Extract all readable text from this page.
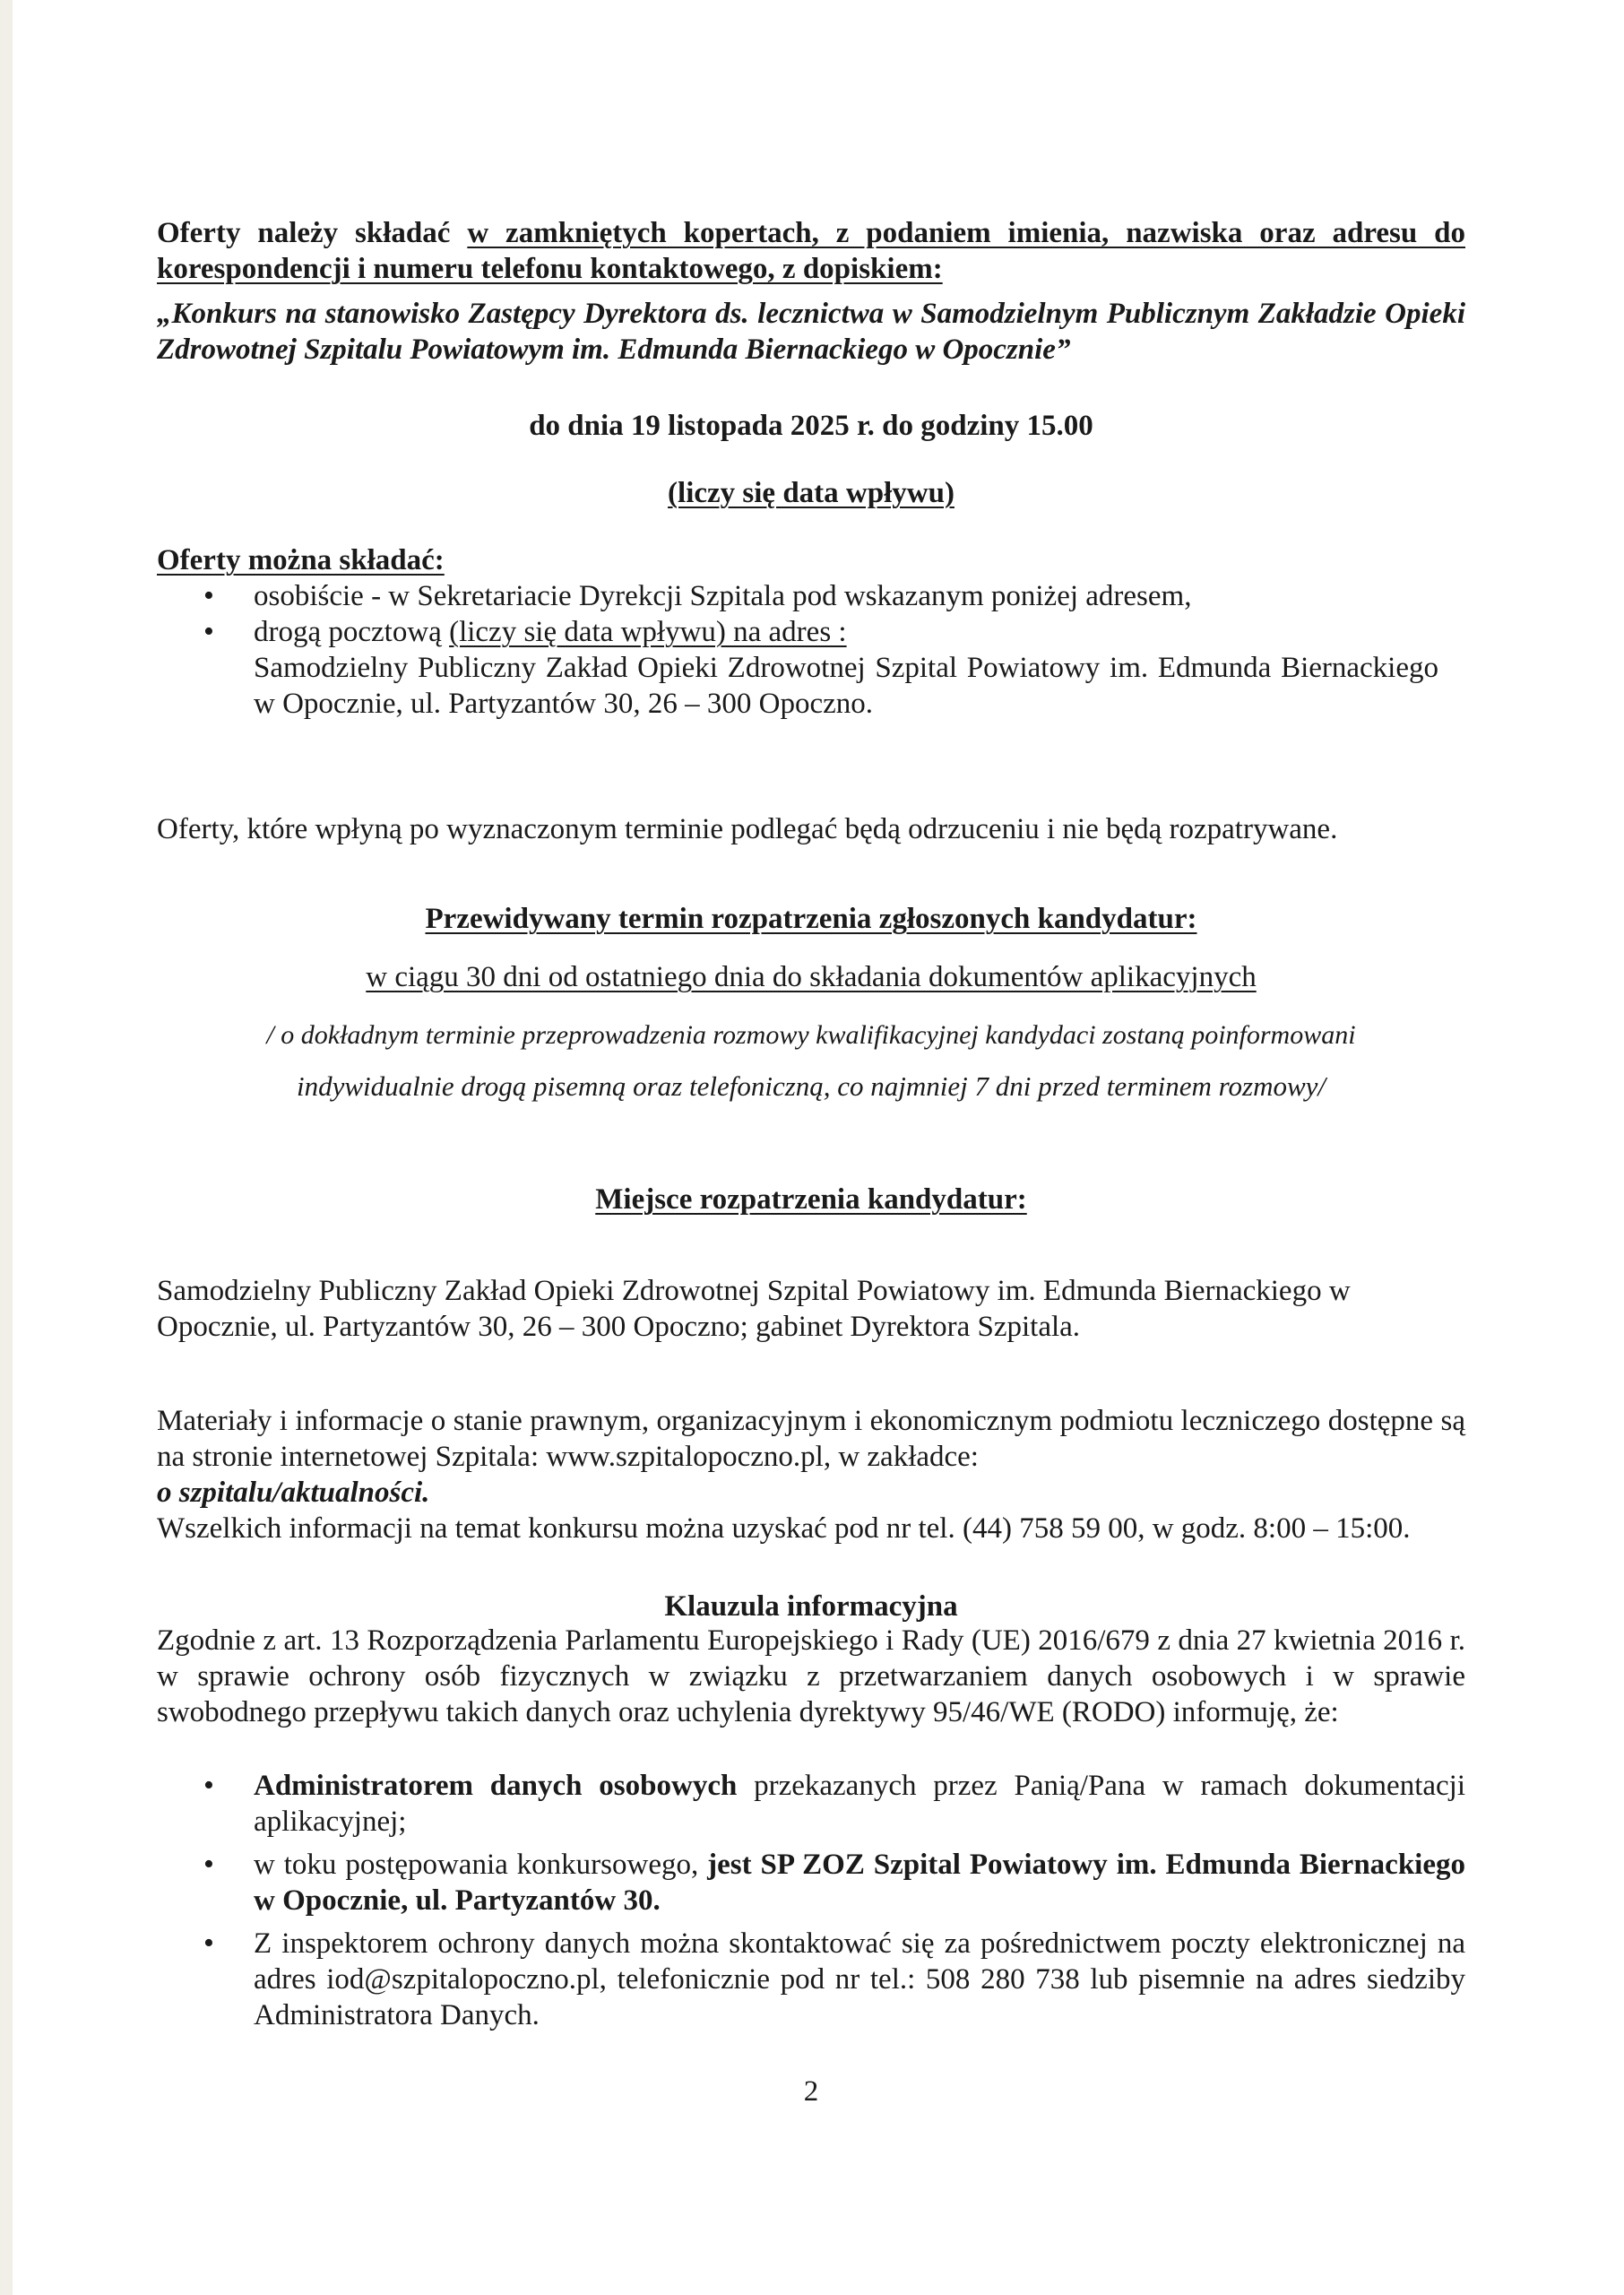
Oferty należy składać w zamkniętych kopertach, z podaniem imienia, nazwiska oraz adresu do korespondencji i numeru telefonu kontaktowego, z dopiskiem:
„Konkurs na stanowisko Zastępcy Dyrektora ds. lecznictwa w Samodzielnym Publicznym Zakładzie Opieki Zdrowotnej Szpitalu Powiatowym im. Edmunda Biernackiego w Opocznie”
do dnia 19 listopada 2025 r. do godziny 15.00
(liczy się data wpływu)
Oferty można składać:
• osobiście - w Sekretariacie Dyrekcji Szpitala pod wskazanym poniżej adresem,
• drogą pocztową (liczy się data wpływu) na adres :
Samodzielny Publiczny Zakład Opieki Zdrowotnej Szpital Powiatowy im. Edmunda Biernackiego w Opocznie, ul. Partyzantów 30, 26 – 300 Opoczno.
Oferty, które wpłyną po wyznaczonym terminie podlegać będą odrzuceniu i nie będą rozpatrywane.
Przewidywany termin rozpatrzenia zgłoszonych kandydatur:
w ciągu 30 dni od ostatniego dnia do składania dokumentów aplikacyjnych
/ o dokładnym terminie przeprowadzenia rozmowy kwalifikacyjnej kandydaci zostaną poinformowani
indywidualnie drogą pisemną oraz telefoniczną, co najmniej 7 dni przed terminem rozmowy/
Miejsce rozpatrzenia kandydatur:
Samodzielny Publiczny Zakład Opieki Zdrowotnej Szpital Powiatowy im. Edmunda Biernackiego w Opocznie, ul. Partyzantów 30, 26 – 300 Opoczno; gabinet Dyrektora Szpitala.
Materiały i informacje o stanie prawnym, organizacyjnym i ekonomicznym podmiotu leczniczego dostępne są na stronie internetowej Szpitala: www.szpitalopoczno.pl, w zakładce:
o szpitalu/aktualności.
Wszelkich informacji na temat konkursu można uzyskać pod nr tel. (44) 758 59 00, w godz. 8:00 – 15:00.
Klauzula informacyjna
Zgodnie z art. 13 Rozporządzenia Parlamentu Europejskiego i Rady (UE) 2016/679 z dnia 27 kwietnia 2016 r. w sprawie ochrony osób fizycznych w związku z przetwarzaniem danych osobowych i w sprawie swobodnego przepływu takich danych oraz uchylenia dyrektywy 95/46/WE (RODO) informuję, że:
• Administratorem danych osobowych przekazanych przez Panią/Pana w ramach dokumentacji aplikacyjnej;
• w toku postępowania konkursowego, jest SP ZOZ Szpital Powiatowy im. Edmunda Biernackiego w Opocznie, ul. Partyzantów 30.
• Z inspektorem ochrony danych można skontaktować się za pośrednictwem poczty elektronicznej na adres iod@szpitalopoczno.pl, telefonicznie pod nr tel.: 508 280 738 lub pisemnie na adres siedziby Administratora Danych.
2
